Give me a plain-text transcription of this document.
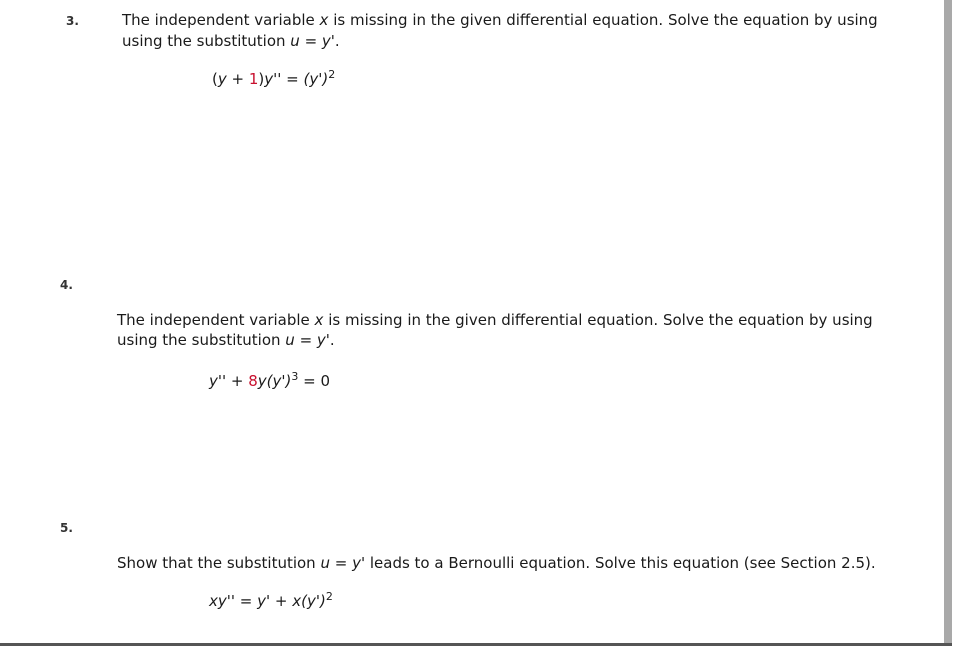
3.	The independent variable x is missing in the given differential equation. Solve the equation by using
using the substitution u = y'.
$(y + 1)y'' = (y')^2$
4.
The independent variable x is missing in the given differential equation. Solve the equation by using
using the substitution u = y'.
$y'' + 8y(y')^3 = 0$
5.
Show that the substitution u = y' leads to a Bernoulli equation. Solve this equation (see Section 2.5).
$xy'' = y' + x(y')^2$
